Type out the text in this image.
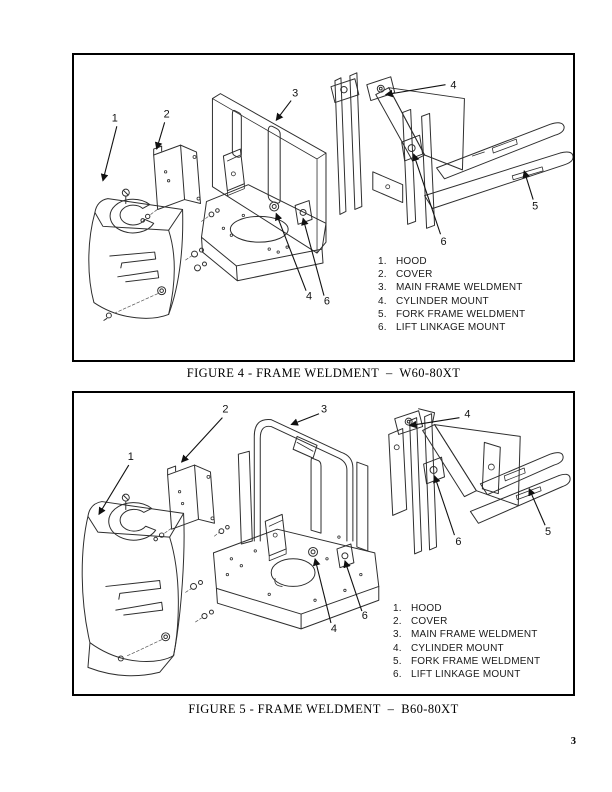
1	2
3
4
5
6
4 6
1. HOOD
2. COVER
3. MAIN FRAME WELDMENT
4. CYLINDER MOUNT
5. FORK FRAME WELDMENT
6. LIFT LINKAGE MOUNT
FIGURE 4 - FRAME WELDMENT  –  W60-80XT
1
2	3	4
5
6
4
6
1. HOOD
2. COVER
3. MAIN FRAME WELDMENT
4. CYLINDER MOUNT
5. FORK FRAME WELDMENT
6. LIFT LINKAGE MOUNT
FIGURE 5 - FRAME WELDMENT  –  B60-80XT
3
